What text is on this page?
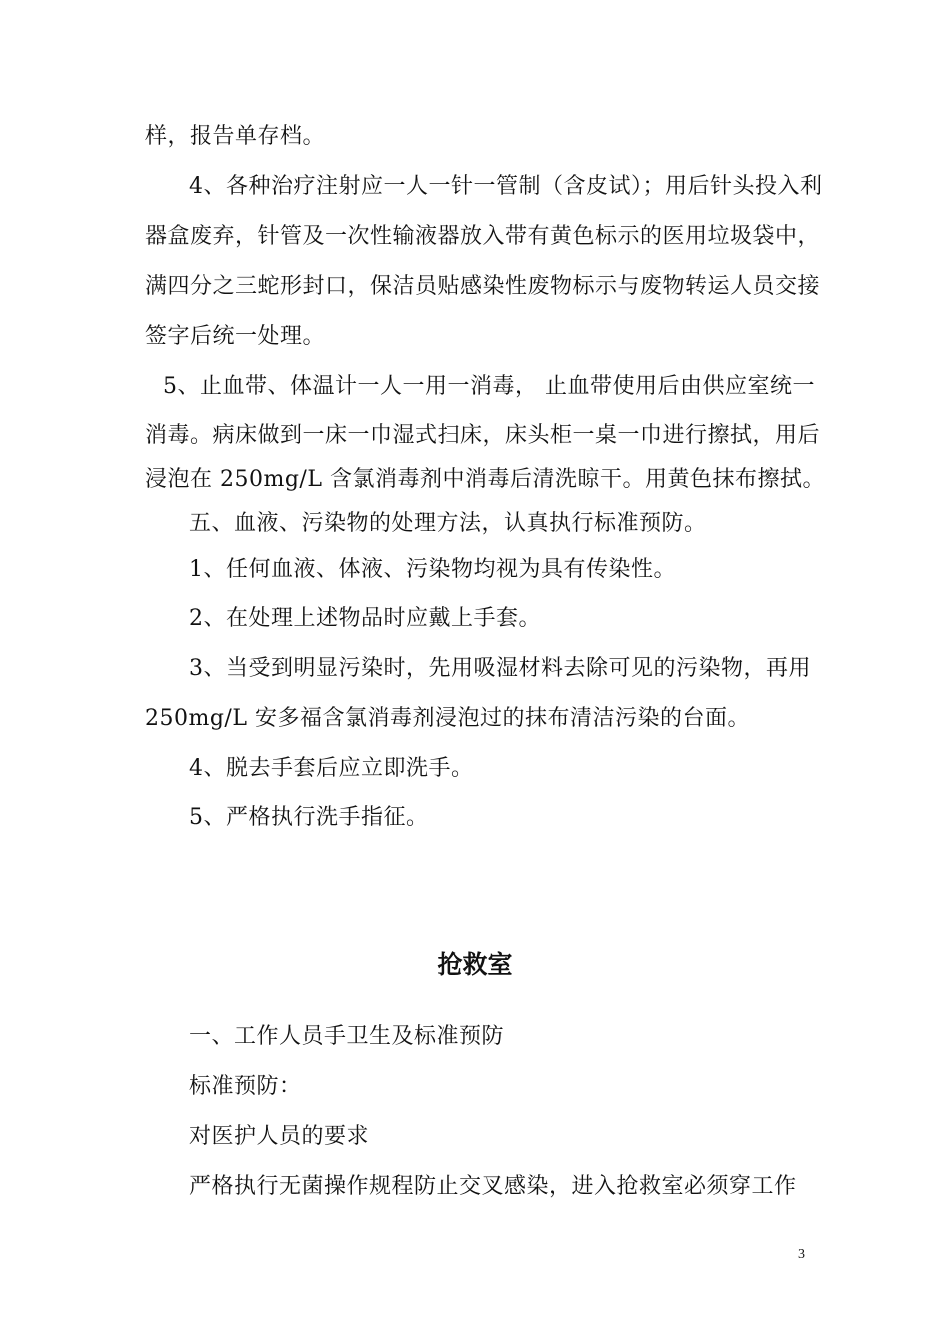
样，报告单存档。
4、各种治疗注射应一人一针一管制（含皮试）；用后针头投入利
器盒废弃，针管及一次性输液器放入带有黄色标示的医用垃圾袋中，
满四分之三蛇形封口，保洁员贴感染性废物标示与废物转运人员交接
签字后统一处理。
5、止血带、体温计一人一用一消毒， 止血带使用后由供应室统一
消毒。病床做到一床一巾湿式扫床，床头柜一桌一巾进行擦拭，用后
浸泡在 250mg/L 含氯消毒剂中消毒后清洗晾干。用黄色抹布擦拭。
五、血液、污染物的处理方法，认真执行标准预防。
1、任何血液、体液、污染物均视为具有传染性。
2、在处理上述物品时应戴上手套。
3、当受到明显污染时，先用吸湿材料去除可见的污染物，再用
250mg/L 安多福含氯消毒剂浸泡过的抹布清洁污染的台面。
4、脱去手套后应立即洗手。
5、严格执行洗手指征。
抢救室
一、工作人员手卫生及标准预防
标准预防：
对医护人员的要求
严格执行无菌操作规程防止交叉感染，进入抢救室必须穿工作
3
